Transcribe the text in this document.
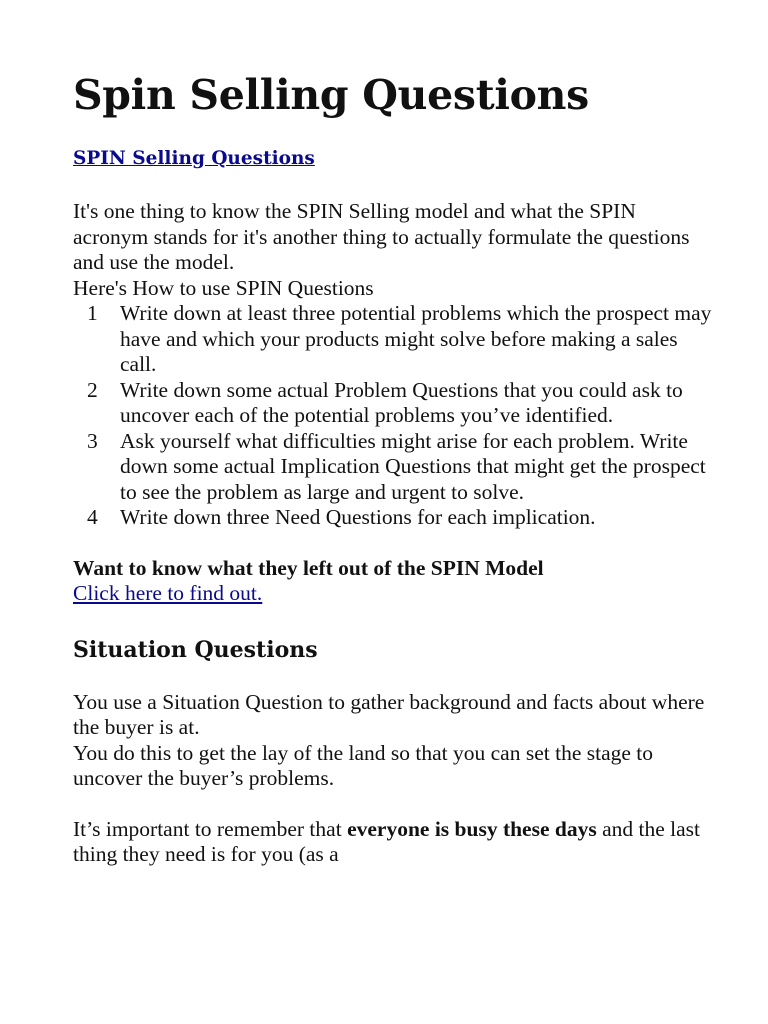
Spin Selling Questions
SPIN Selling Questions

It's one thing to know the SPIN Selling model and what the SPIN acronym stands for it's another thing to actually formulate the questions and use the model.

Here's How to use SPIN Questions

1 Write down at least three potential problems which the prospect may have and which your products might solve before making a sales call.
2 Write down some actual Problem Questions that you could ask to uncover each of the potential problems you’ve identified.
3 Ask yourself what difficulties might arise for each problem. Write down some actual Implication Questions that might get the prospect to see the problem as large and urgent to solve.
4 Write down three Need Questions for each implication.

Want to know what they left out of the SPIN Model

Click here to find out.

Situation Questions

You use a Situation Question to gather background and facts about where the buyer is at.

You do this to get the lay of the land so that you can set the stage to uncover the buyer’s problems.

It’s important to remember that everyone is busy these days and the last thing they need is for you (as a
